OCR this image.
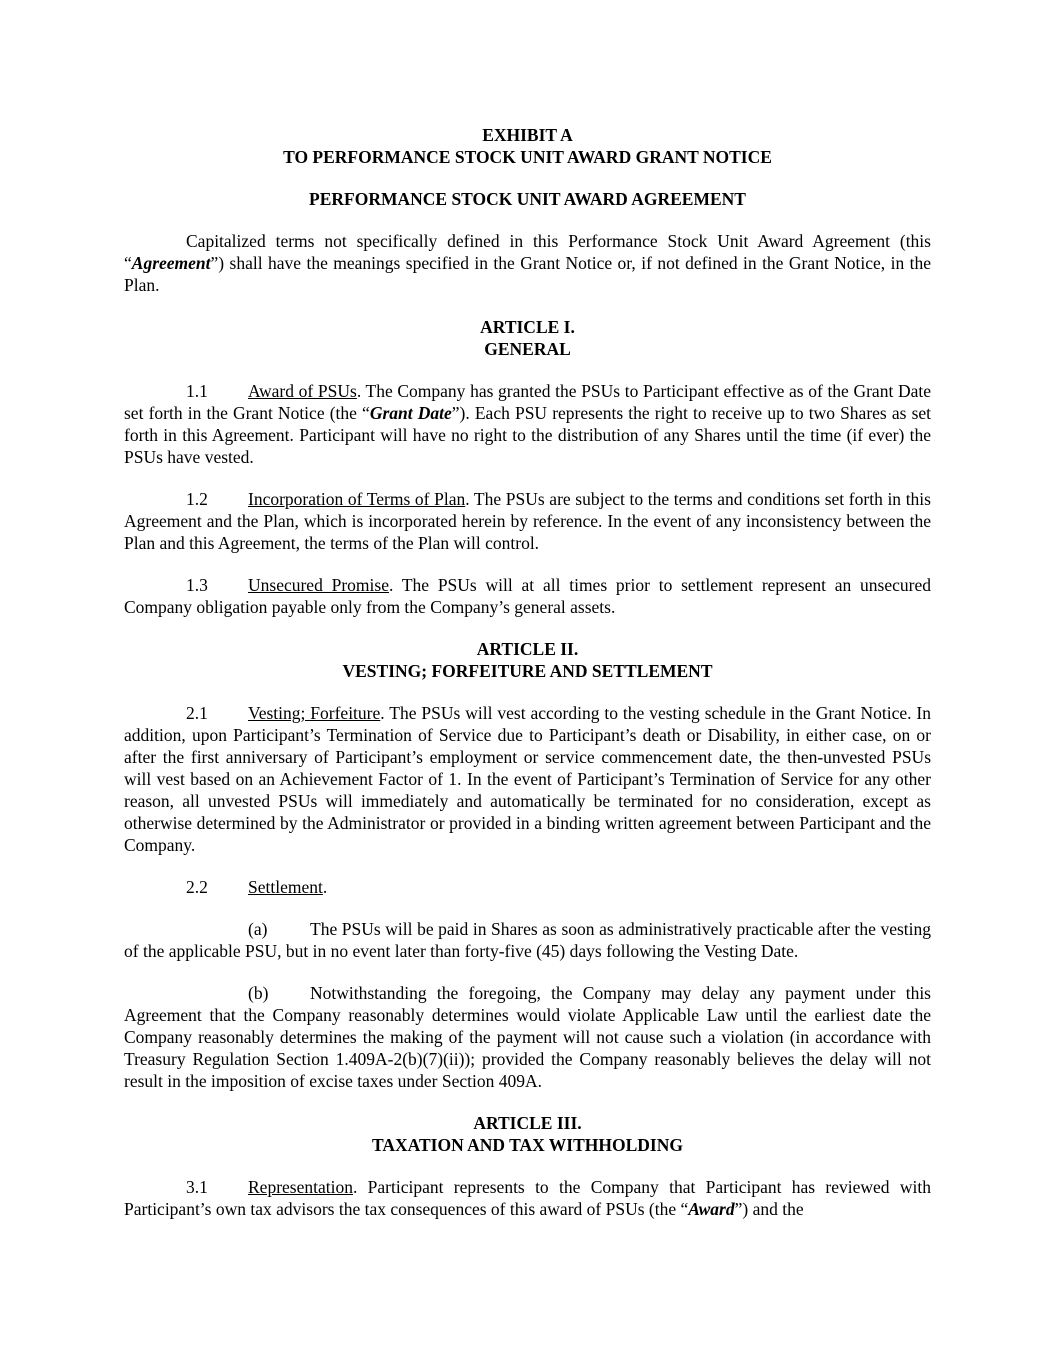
EXHIBIT A
TO PERFORMANCE STOCK UNIT AWARD GRANT NOTICE
PERFORMANCE STOCK UNIT AWARD AGREEMENT

Capitalized terms not specifically defined in this Performance Stock Unit Award Agreement (this “Agreement”) shall have the meanings specified in the Grant Notice or, if not defined in the Grant Notice, in the Plan.

ARTICLE I.
GENERAL

1.1 Award of PSUs. The Company has granted the PSUs to Participant effective as of the Grant Date set forth in the Grant Notice (the “Grant Date”). Each PSU represents the right to receive up to two Shares as set forth in this Agreement. Participant will have no right to the distribution of any Shares until the time (if ever) the PSUs have vested.

1.2 Incorporation of Terms of Plan. The PSUs are subject to the terms and conditions set forth in this Agreement and the Plan, which is incorporated herein by reference. In the event of any inconsistency between the Plan and this Agreement, the terms of the Plan will control.

1.3 Unsecured Promise. The PSUs will at all times prior to settlement represent an unsecured Company obligation payable only from the Company’s general assets.

ARTICLE II.
VESTING; FORFEITURE AND SETTLEMENT

2.1 Vesting; Forfeiture. The PSUs will vest according to the vesting schedule in the Grant Notice. In addition, upon Participant’s Termination of Service due to Participant’s death or Disability, in either case, on or after the first anniversary of Participant’s employment or service commencement date, the then-unvested PSUs will vest based on an Achievement Factor of 1. In the event of Participant’s Termination of Service for any other reason, all unvested PSUs will immediately and automatically be terminated for no consideration, except as otherwise determined by the Administrator or provided in a binding written agreement between Participant and the Company.

2.2 Settlement.

(a) The PSUs will be paid in Shares as soon as administratively practicable after the vesting of the applicable PSU, but in no event later than forty-five (45) days following the Vesting Date.

(b) Notwithstanding the foregoing, the Company may delay any payment under this Agreement that the Company reasonably determines would violate Applicable Law until the earliest date the Company reasonably determines the making of the payment will not cause such a violation (in accordance with Treasury Regulation Section 1.409A-2(b)(7)(ii)); provided the Company reasonably believes the delay will not result in the imposition of excise taxes under Section 409A.

ARTICLE III.
TAXATION AND TAX WITHHOLDING

3.1 Representation. Participant represents to the Company that Participant has reviewed with Participant’s own tax advisors the tax consequences of this award of PSUs (the “Award”) and the
